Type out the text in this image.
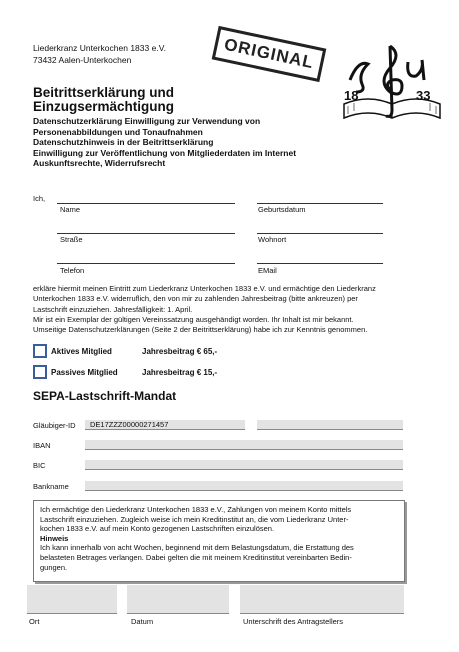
Liederkranz Unterkochen 1833 e.V.
73432 Aalen-Unterkochen	ORIGINAL
18	33
Beitrittserklärung und
Einzugsermächtigung
Datenschutzerklärung Einwilligung zur Verwendung von
Personenabbildungen und Tonaufnahmen
Datenschutzhinweis in der Beitrittserklärung
Einwilligung zur Veröffentlichung von Mitgliederdaten im Internet
Auskunftsrechte, Widerrufsrecht
Ich,
Name	Geburtsdatum
Straße	Wohnort
Telefon	EMail
erkläre hiermit meinen Eintritt zum Liederkranz Unterkochen 1833 e.V. und ermächtige den Liederkranz
Unterkochen 1833 e.V. widerruflich, den von mir zu zahlenden Jahresbeitrag (bitte ankreuzen) per
Lastschrift einzuziehen. Jahresfälligkeit: 1. April.
Mir ist ein Exemplar der gültigen Vereinssatzung ausgehändigt worden. Ihr Inhalt ist mir bekannt.
Umseitige Datenschutzerklärungen (Seite 2 der Beitrittserklärung) habe ich zur Kenntnis genommen.
Aktives Mitglied	Jahresbeitrag € 65,-
Passives Mitglied	Jahresbeitrag € 15,-
SEPA-Lastschrift-Mandat
Gläubiger-ID	DE17ZZZ00000271457
IBAN
BIC
Bankname
Ich ermächtige den Liederkranz Unterkochen 1833 e.V., Zahlungen von meinem Konto mittels
Lastschrift einzuziehen. Zugleich weise ich mein Kreditinstitut an, die vom Liederkranz Unter-
kochen 1833 e.V. auf mein Konto gezogenen Lastschriften einzulösen.
Hinweis
Ich kann innerhalb von acht Wochen, beginnend mit dem Belastungsdatum, die Erstattung des
belasteten Betrages verlangen. Dabei gelten die mit meinem Kreditinstitut vereinbarten Bedin-
gungen.
Ort	Datum	Unterschrift des Antragstellers
